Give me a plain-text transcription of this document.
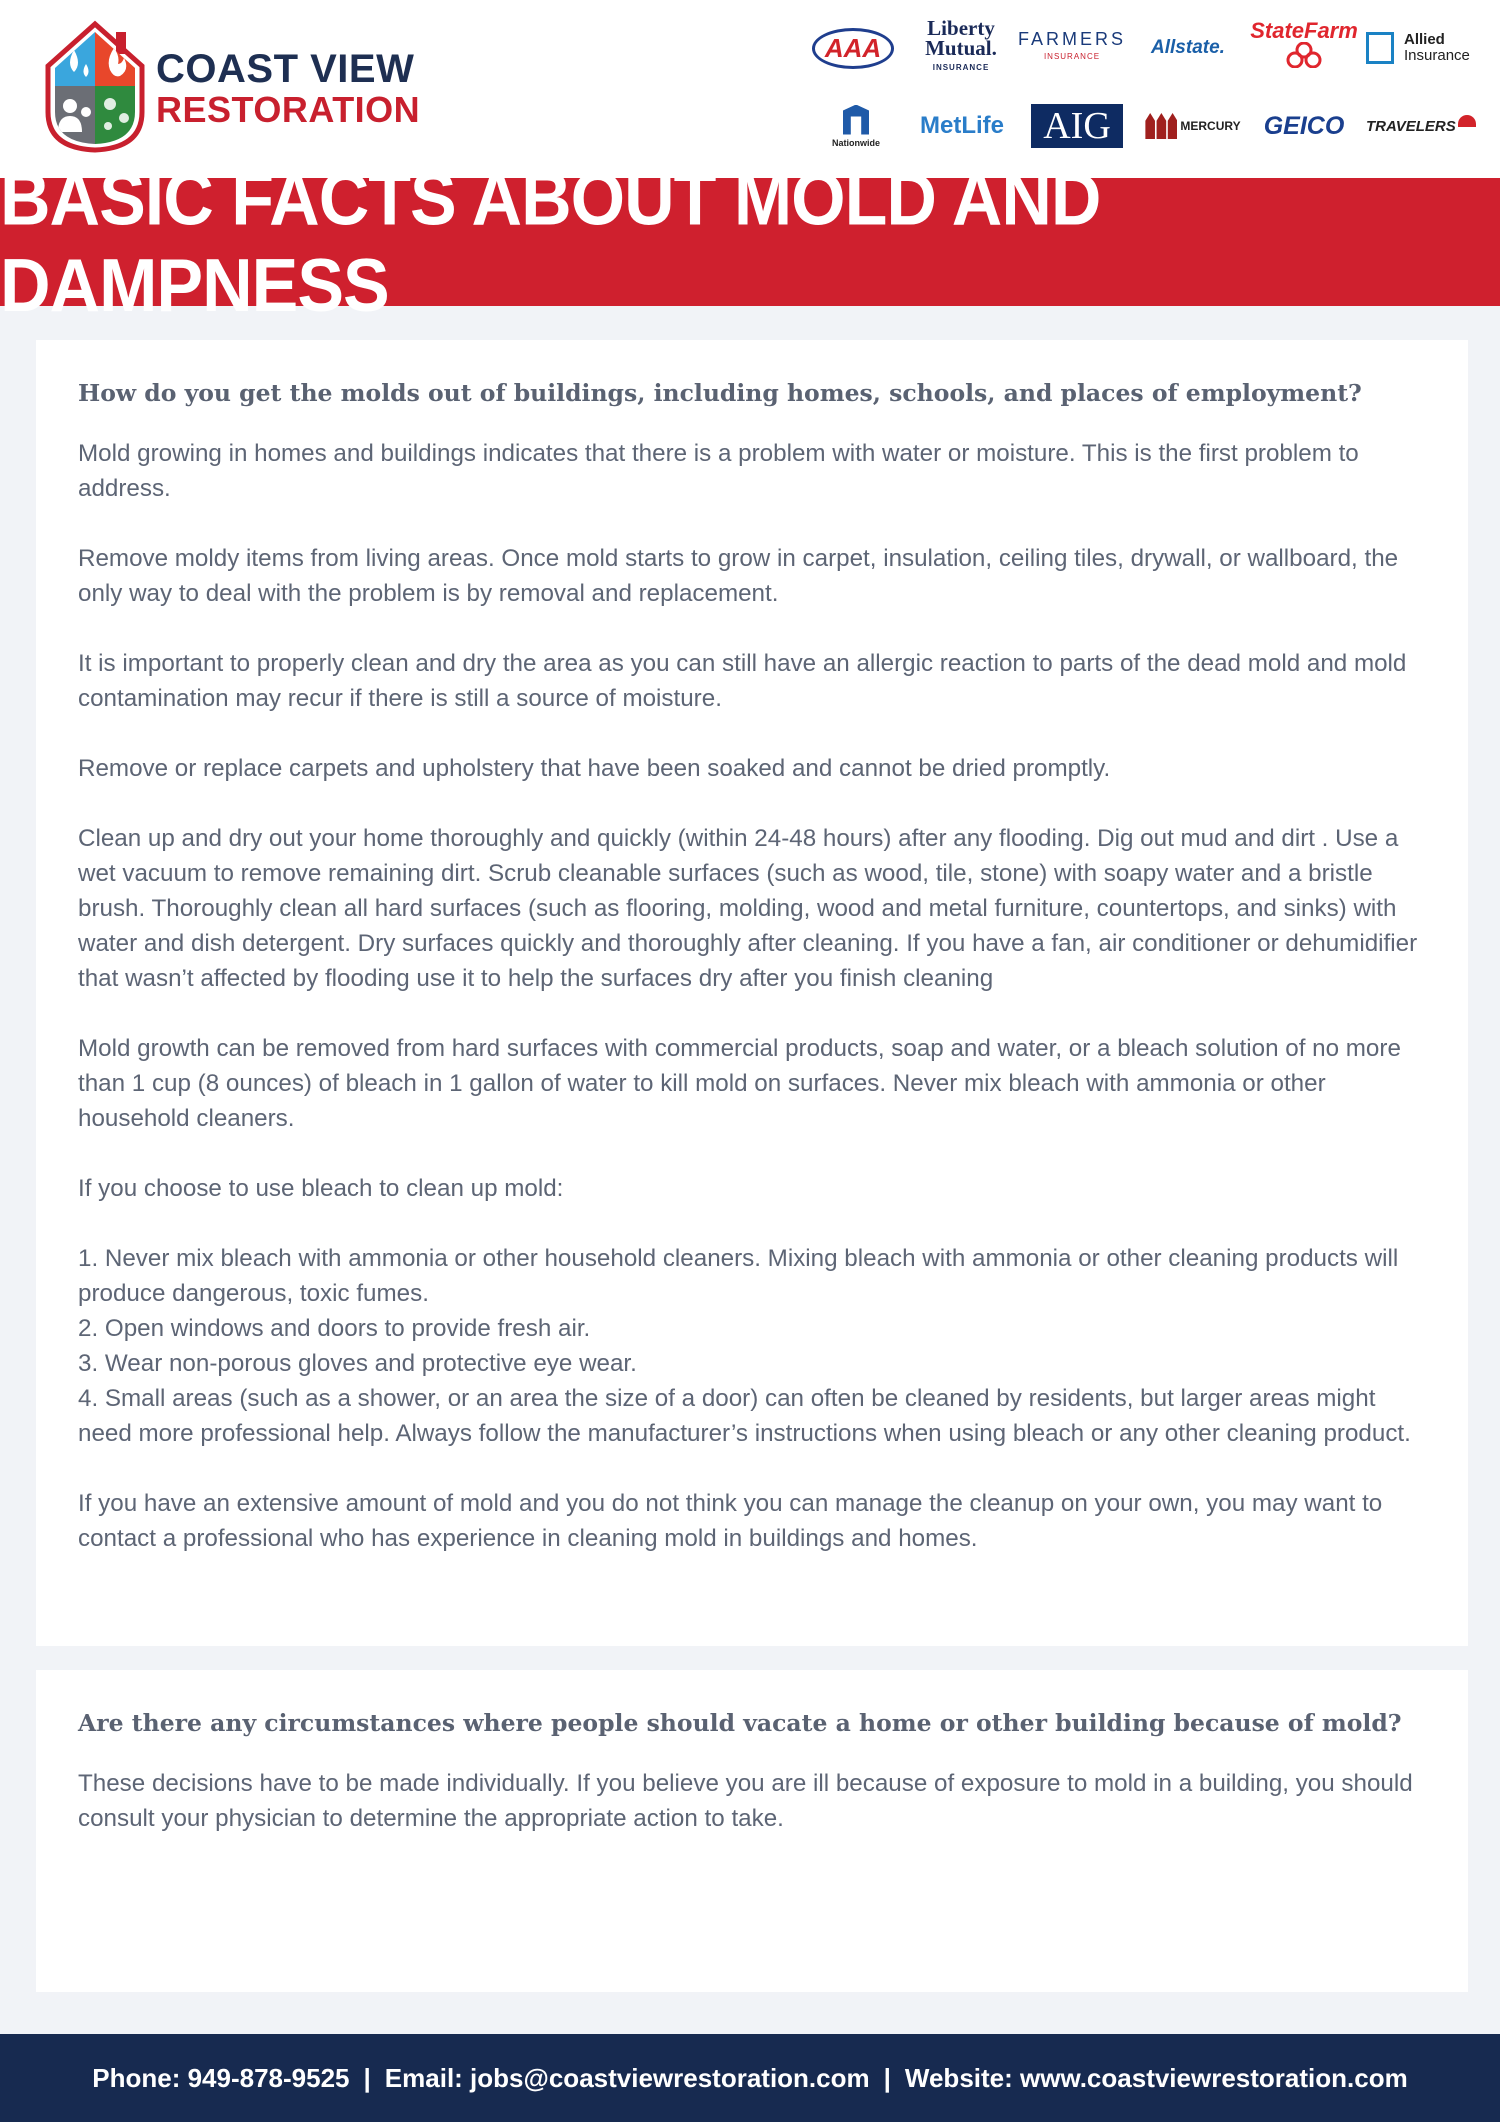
COAST VIEW
RESTORATION
AAA
Liberty
Mutual.
INSURANCE
FARMERS
INSURANCE	Allstate.
StateFarm	Allied
Insurance
Nationwide
MetLife	AIG	MERCURY GEICO TRAVELERS
BASIC FACTS ABOUT MOLD AND DAMPNESS
How do you get the molds out of buildings, including homes, schools, and places of employment?

Mold growing in homes and buildings indicates that there is a problem with water or moisture. This is the first problem to address.

Remove moldy items from living areas. Once mold starts to grow in carpet, insulation, ceiling tiles, drywall, or wallboard, the only way to deal with the problem is by removal and replacement.

It is important to properly clean and dry the area as you can still have an allergic reaction to parts of the dead mold and mold contamination may recur if there is still a source of moisture.

Remove or replace carpets and upholstery that have been soaked and cannot be dried promptly.

Clean up and dry out your home thoroughly and quickly (within 24-48 hours) after any flooding. Dig out mud and dirt . Use a wet vacuum to remove remaining dirt. Scrub cleanable surfaces (such as wood, tile, stone) with soapy water and a bristle brush. Thoroughly clean all hard surfaces (such as flooring, molding, wood and metal furniture, countertops, and sinks) with water and dish detergent. Dry surfaces quickly and thoroughly after cleaning. If you have a fan, air conditioner or dehumidifier that wasn’t affected by flooding use it to help the surfaces dry after you finish cleaning

Mold growth can be removed from hard surfaces with commercial products, soap and water, or a bleach solution of no more than 1 cup (8 ounces) of bleach in 1 gallon of water to kill mold on surfaces. Never mix bleach with ammonia or other household cleaners.

If you choose to use bleach to clean up mold:

1. Never mix bleach with ammonia or other household cleaners. Mixing bleach with ammonia or other cleaning products will produce dangerous, toxic fumes.

2. Open windows and doors to provide fresh air.

3. Wear non-porous gloves and protective eye wear.

4. Small areas (such as a shower, or an area the size of a door) can often be cleaned by residents, but larger areas might need more professional help. Always follow the manufacturer’s instructions when using bleach or any other cleaning product.

If you have an extensive amount of mold and you do not think you can manage the cleanup on your own, you may want to contact a professional who has experience in cleaning mold in buildings and homes.

Are there any circumstances where people should vacate a home or other building because of mold?

These decisions have to be made individually. If you believe you are ill because of exposure to mold in a building, you should consult your physician to determine the appropriate action to take.

Phone: 949-878-9525 | Email: jobs@coastviewrestoration.com | Website: www.coastviewrestoration.com
